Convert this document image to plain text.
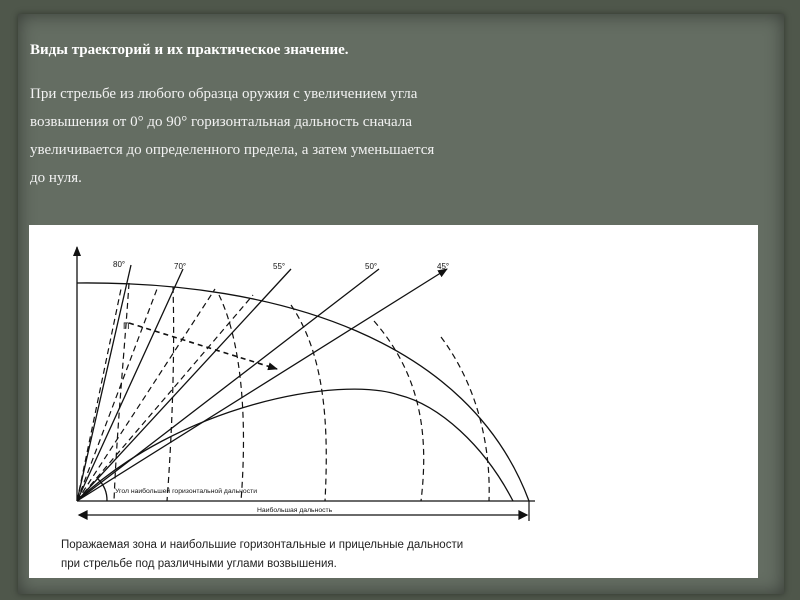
Виды траекторий и их практическое значение.

При стрельбе из любого образца оружия с увеличением угла
возвышения от 0° до 90° горизонтальная дальность сначала
увеличивается до определенного предела, а затем уменьшается
до нуля.

80°	70°	55°	50°	45°
П
Угол наибольшей горизонтальной дальности
Наибольшая дальность

Поражаемая зона и наибольшие горизонтальные и прицельные дальности
при стрельбе под различными углами возвышения.
